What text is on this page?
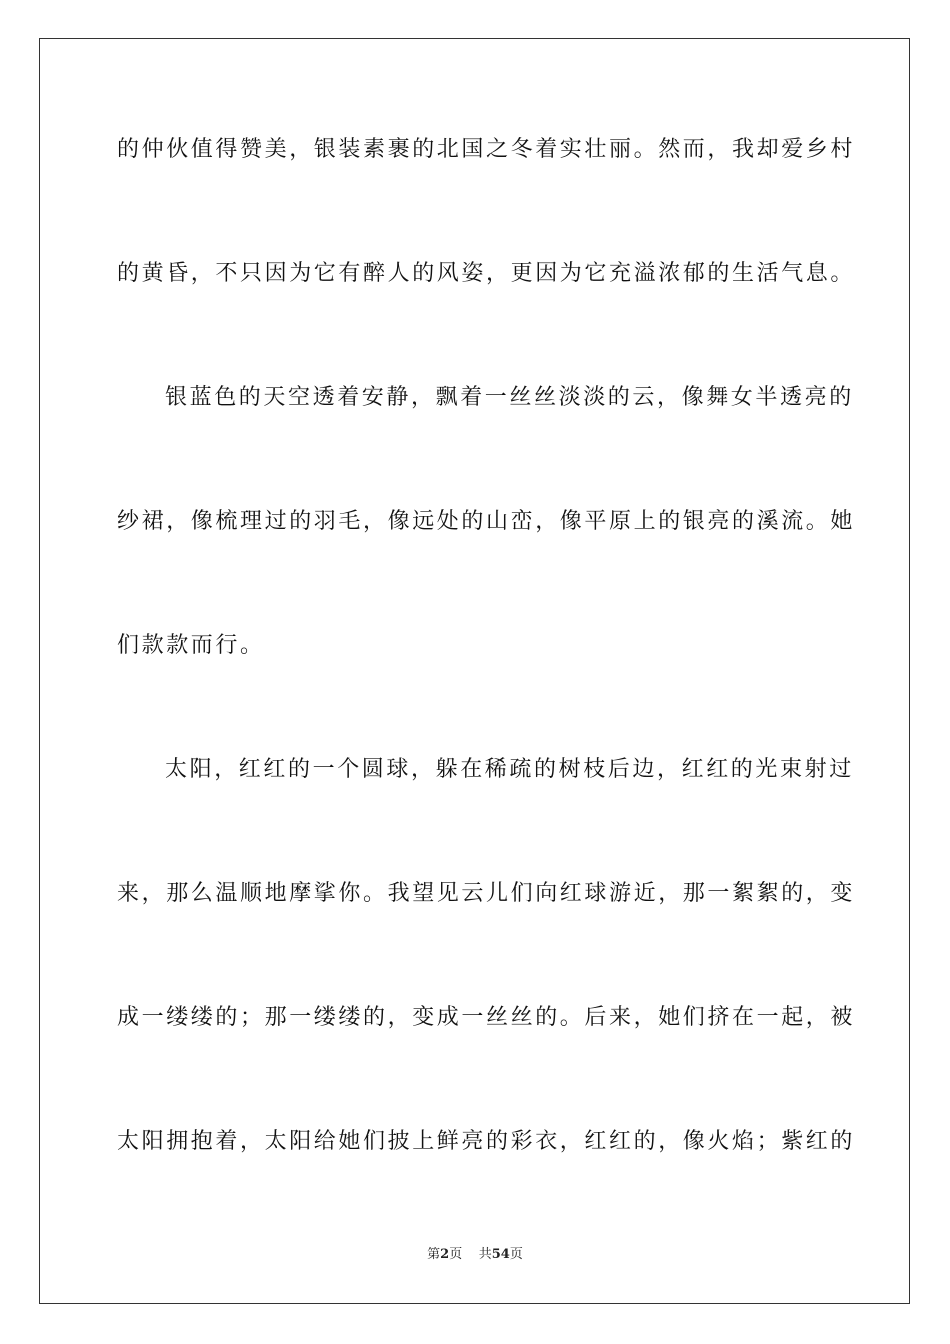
的仲伙值得赞美，银装素裹的北国之冬着实壮丽。然而，我却爱乡村
的黄昏，不只因为它有醉人的风姿，更因为它充溢浓郁的生活气息。
银蓝色的天空透着安静，飘着一丝丝淡淡的云，像舞女半透亮的
纱裙，像梳理过的羽毛，像远处的山峦，像平原上的银亮的溪流。她
们款款而行。
太阳，红红的一个圆球，躲在稀疏的树枝后边，红红的光束射过
来，那么温顺地摩挲你。我望见云儿们向红球游近，那一絮絮的，变
成一缕缕的；那一缕缕的，变成一丝丝的。后来，她们挤在一起，被
太阳拥抱着，太阳给她们披上鲜亮的彩衣，红红的，像火焰；紫红的
第2页 共54页
